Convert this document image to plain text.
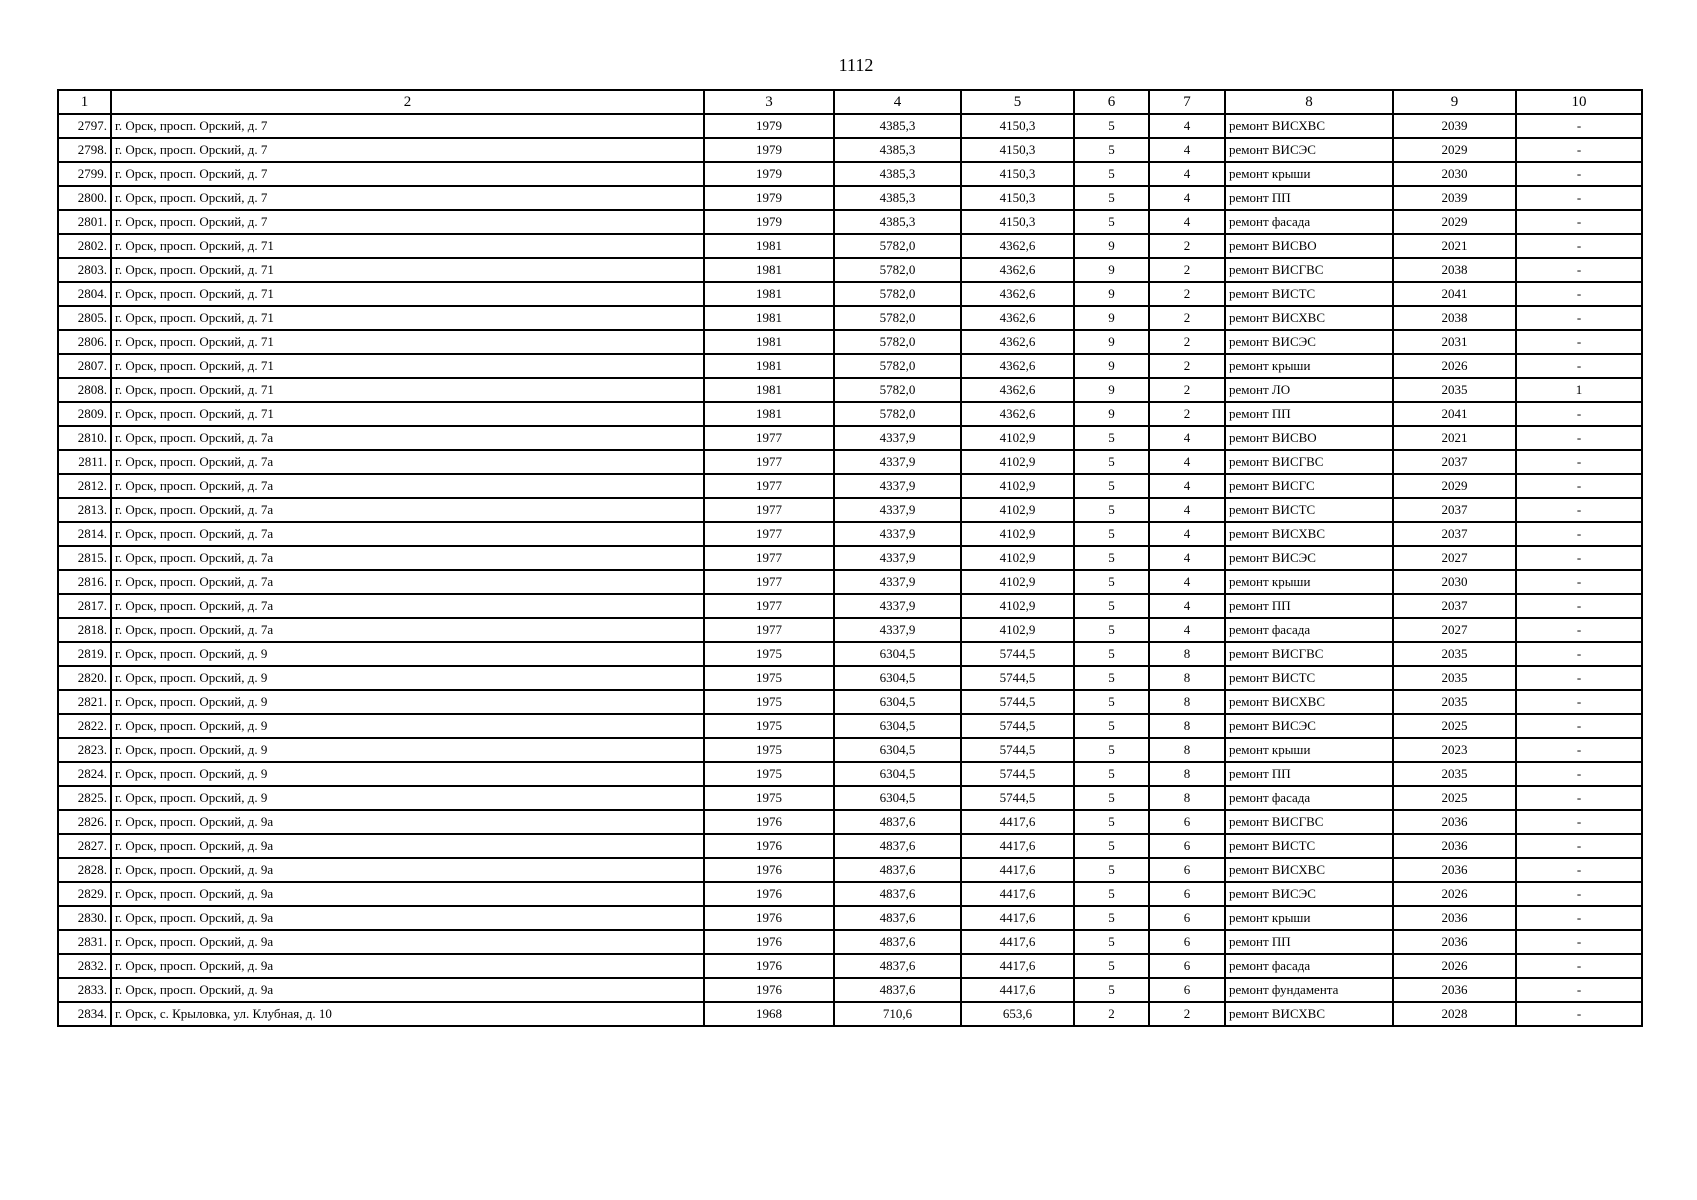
1112
1	2	3	4	5	6	7	8	9	10
2797.	г. Орск, просп. Орский, д. 7	1979	4385,3	4150,3	5	4	ремонт ВИСХВС	2039	-
2798.	г. Орск, просп. Орский, д. 7	1979	4385,3	4150,3	5	4	ремонт ВИСЭС	2029	-
2799.	г. Орск, просп. Орский, д. 7	1979	4385,3	4150,3	5	4	ремонт крыши	2030	-
2800.	г. Орск, просп. Орский, д. 7	1979	4385,3	4150,3	5	4	ремонт ПП	2039	-
2801.	г. Орск, просп. Орский, д. 7	1979	4385,3	4150,3	5	4	ремонт фасада	2029	-
2802.	г. Орск, просп. Орский, д. 71	1981	5782,0	4362,6	9	2	ремонт ВИСВО	2021	-
2803.	г. Орск, просп. Орский, д. 71	1981	5782,0	4362,6	9	2	ремонт ВИСГВС	2038	-
2804.	г. Орск, просп. Орский, д. 71	1981	5782,0	4362,6	9	2	ремонт ВИСТС	2041	-
2805.	г. Орск, просп. Орский, д. 71	1981	5782,0	4362,6	9	2	ремонт ВИСХВС	2038	-
2806.	г. Орск, просп. Орский, д. 71	1981	5782,0	4362,6	9	2	ремонт ВИСЭС	2031	-
2807.	г. Орск, просп. Орский, д. 71	1981	5782,0	4362,6	9	2	ремонт крыши	2026	-
2808.	г. Орск, просп. Орский, д. 71	1981	5782,0	4362,6	9	2	ремонт ЛО	2035	1
2809.	г. Орск, просп. Орский, д. 71	1981	5782,0	4362,6	9	2	ремонт ПП	2041	-
2810.	г. Орск, просп. Орский, д. 7а	1977	4337,9	4102,9	5	4	ремонт ВИСВО	2021	-
2811.	г. Орск, просп. Орский, д. 7а	1977	4337,9	4102,9	5	4	ремонт ВИСГВС	2037	-
2812.	г. Орск, просп. Орский, д. 7а	1977	4337,9	4102,9	5	4	ремонт ВИСГС	2029	-
2813.	г. Орск, просп. Орский, д. 7а	1977	4337,9	4102,9	5	4	ремонт ВИСТС	2037	-
2814.	г. Орск, просп. Орский, д. 7а	1977	4337,9	4102,9	5	4	ремонт ВИСХВС	2037	-
2815.	г. Орск, просп. Орский, д. 7а	1977	4337,9	4102,9	5	4	ремонт ВИСЭС	2027	-
2816.	г. Орск, просп. Орский, д. 7а	1977	4337,9	4102,9	5	4	ремонт крыши	2030	-
2817.	г. Орск, просп. Орский, д. 7а	1977	4337,9	4102,9	5	4	ремонт ПП	2037	-
2818.	г. Орск, просп. Орский, д. 7а	1977	4337,9	4102,9	5	4	ремонт фасада	2027	-
2819.	г. Орск, просп. Орский, д. 9	1975	6304,5	5744,5	5	8	ремонт ВИСГВС	2035	-
2820.	г. Орск, просп. Орский, д. 9	1975	6304,5	5744,5	5	8	ремонт ВИСТС	2035	-
2821.	г. Орск, просп. Орский, д. 9	1975	6304,5	5744,5	5	8	ремонт ВИСХВС	2035	-
2822.	г. Орск, просп. Орский, д. 9	1975	6304,5	5744,5	5	8	ремонт ВИСЭС	2025	-
2823.	г. Орск, просп. Орский, д. 9	1975	6304,5	5744,5	5	8	ремонт крыши	2023	-
2824.	г. Орск, просп. Орский, д. 9	1975	6304,5	5744,5	5	8	ремонт ПП	2035	-
2825.	г. Орск, просп. Орский, д. 9	1975	6304,5	5744,5	5	8	ремонт фасада	2025	-
2826.	г. Орск, просп. Орский, д. 9а	1976	4837,6	4417,6	5	6	ремонт ВИСГВС	2036	-
2827.	г. Орск, просп. Орский, д. 9а	1976	4837,6	4417,6	5	6	ремонт ВИСТС	2036	-
2828.	г. Орск, просп. Орский, д. 9а	1976	4837,6	4417,6	5	6	ремонт ВИСХВС	2036	-
2829.	г. Орск, просп. Орский, д. 9а	1976	4837,6	4417,6	5	6	ремонт ВИСЭС	2026	-
2830.	г. Орск, просп. Орский, д. 9а	1976	4837,6	4417,6	5	6	ремонт крыши	2036	-
2831.	г. Орск, просп. Орский, д. 9а	1976	4837,6	4417,6	5	6	ремонт ПП	2036	-
2832.	г. Орск, просп. Орский, д. 9а	1976	4837,6	4417,6	5	6	ремонт фасада	2026	-
2833.	г. Орск, просп. Орский, д. 9а	1976	4837,6	4417,6	5	6	ремонт фундамента	2036	-
2834.	г. Орск, с. Крыловка, ул. Клубная, д. 10	1968	710,6	653,6	2	2	ремонт ВИСХВС	2028	-
